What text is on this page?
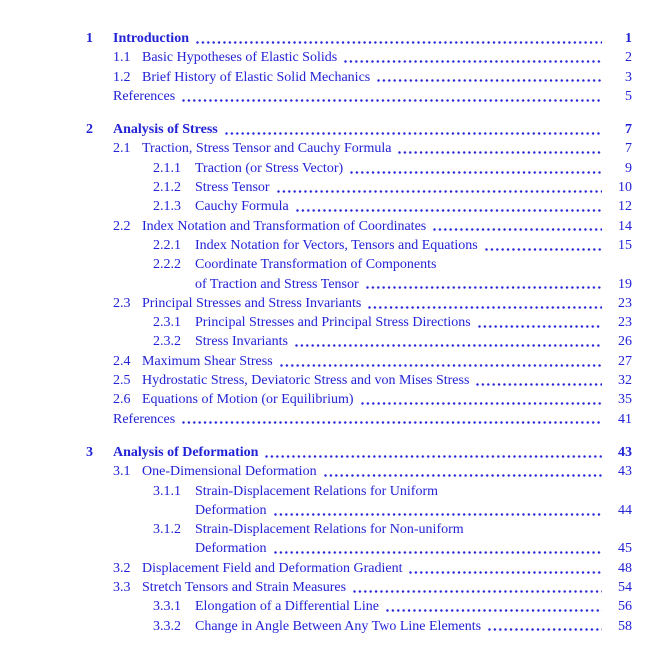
1	Introduction	1
1.1 Basic Hypotheses of Elastic Solids	2
1.2 Brief History of Elastic Solid Mechanics	3
References	5
2	Analysis of Stress	7
2.1 Traction, Stress Tensor and Cauchy Formula	7
2.1.1	Traction (or Stress Vector)	9
2.1.2	Stress Tensor	10
2.1.3	Cauchy Formula	12
2.2 Index Notation and Transformation of Coordinates	14
2.2.1	Index Notation for Vectors, Tensors and Equations	15
2.2.2	Coordinate Transformation of Components
of Traction and Stress Tensor	19
2.3 Principal Stresses and Stress Invariants	23
2.3.1	Principal Stresses and Principal Stress Directions	23
2.3.2	Stress Invariants	26
2.4 Maximum Shear Stress	27
2.5 Hydrostatic Stress, Deviatoric Stress and von Mises Stress	32
2.6 Equations of Motion (or Equilibrium)	35
References	41
3	Analysis of Deformation	43
3.1 One-Dimensional Deformation	43
3.1.1	Strain-Displacement Relations for Uniform
Deformation	44
3.1.2	Strain-Displacement Relations for Non-uniform
Deformation	45
3.2 Displacement Field and Deformation Gradient	48
3.3 Stretch Tensors and Strain Measures	54
3.3.1	Elongation of a Differential Line	56
3.3.2	Change in Angle Between Any Two Line Elements	58
